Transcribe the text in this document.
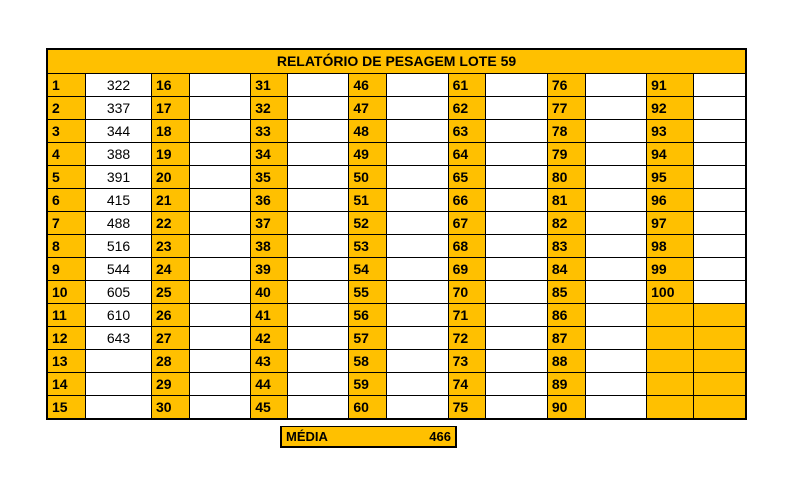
RELATÓRIO DE PESAGEM LOTE 59
1	322	16		31		46		61		76		91	
2	337	17		32		47		62		77		92	
3	344	18		33		48		63		78		93	
4	388	19		34		49		64		79		94	
5	391	20		35		50		65		80		95	
6	415	21		36		51		66		81		96	
7	488	22		37		52		67		82		97	
8	516	23		38		53		68		83		98	
9	544	24		39		54		69		84		99	
10	605	25		40		55		70		85		100	
11	610	26		41		56		71		86			
12	643	27		42		57		72		87			
13		28		43		58		73		88			
14		29		44		59		74		89			
15		30		45		60		75		90			
MÉDIA	466
